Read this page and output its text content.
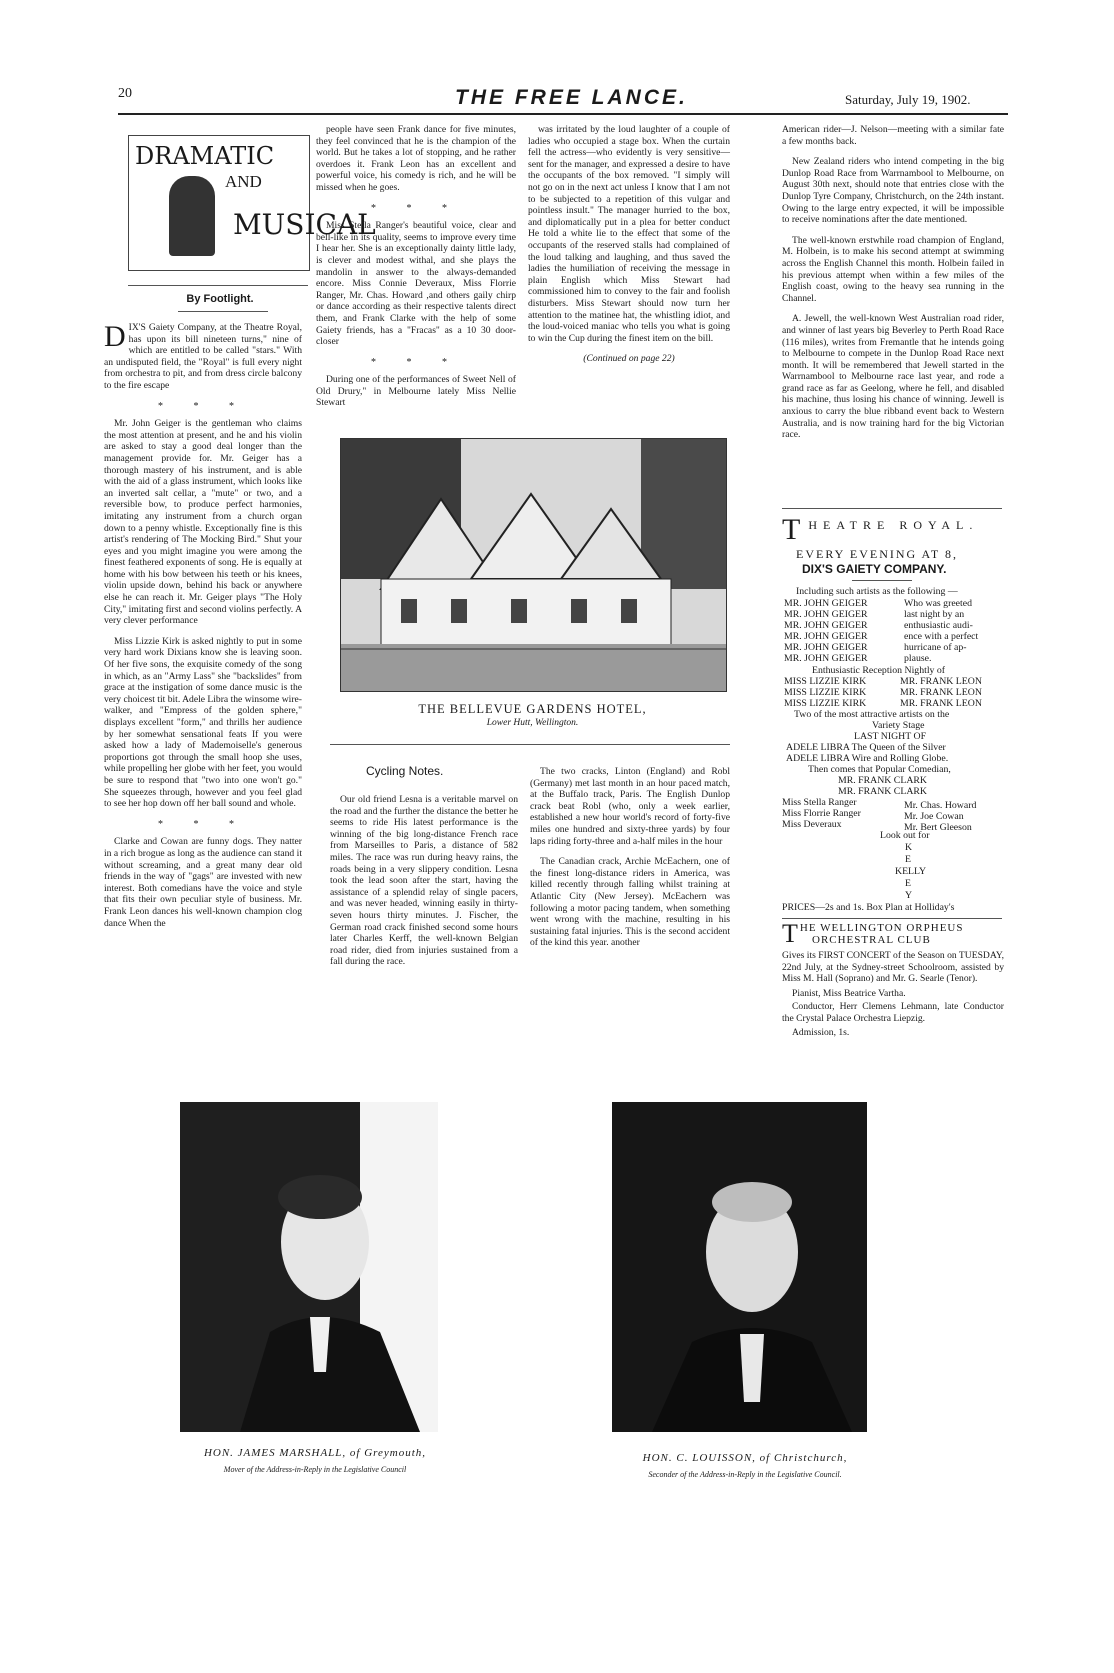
20	THE FREE LANCE.	Saturday, July 19, 1902.
DRAMATIC
AND
MUSICAL
By Footlight.

DIX'S Gaiety Company, at the Theatre Royal, has upon its bill nineteen turns," nine of which are entitled to be called "stars." With an undisputed field, the "Royal" is full every night from orchestra to pit, and from dress circle balcony to the fire escape

* * *

Mr. John Geiger is the gentleman who claims the most attention at present, and he and his violin are asked to stay a good deal longer than the management provide for. Mr. Geiger has a thorough mastery of his instrument, and is able with the aid of a glass instrument, which looks like an inverted salt cellar, a "mute" or two, and a reversible bow, to produce perfect harmonies, imitating any instrument from a church organ down to a penny whistle. Exceptionally fine is this artist's rendering of The Mocking Bird." Shut your eyes and you might imagine you were among the finest feathered exponents of song. He is equally at home with his bow between his teeth or his knees, violin upside down, behind his back or anywhere else he can reach it. Mr. Geiger plays "The Holy City," imitating first and second violins perfectly. A very clever performance

Miss Lizzie Kirk is asked nightly to put in some very hard work Dixians know she is leaving soon. Of her five sons, the exquisite comedy of the song in which, as an "Army Lass" she "backslides" from grace at the instigation of some dance music is the very choicest tit bit. Adele Libra the winsome wire-walker, and "Empress of the golden sphere," displays excellent "form," and thrills her audience by her somewhat sensational feats If you were asked how a lady of Mademoiselle's generous proportions got through the small hoop she uses, while propelling her globe with her feet, you would be sure to respond that "two into one won't go." She squeezes through, however and you feel glad to see her hop down off her ball sound and whole.

* * *

Clarke and Cowan are funny dogs. They natter in a rich brogue as long as the audience can stand it without screaming, and a great many dear old friends in the way of "gags" are invested with new interest. Both comedians have the voice and style that fits their own peculiar style of business. Mr. Frank Leon dances his well-known champion clog dance When the

people have seen Frank dance for five minutes, they feel convinced that he is the champion of the world. But he takes a lot of stopping, and he rather overdoes it. Frank Leon has an excellent and powerful voice, his comedy is rich, and he will be missed when he goes.

* * *

Miss Stella Ranger's beautiful voice, clear and bell-like in its quality, seems to improve every time I hear her. She is an exceptionally dainty little lady, is clever and modest withal, and she plays the mandolin in answer to the always-demanded encore. Miss Connie Deveraux, Miss Florrie Ranger, Mr. Chas. Howard ,and others gaily chirp or dance according as their respective talents direct them, and Frank Clarke with the help of some Gaiety friends, has a "Fracas" as a 10 30 door-closer

* * *

During one of the performances of Sweet Nell of Old Drury," in Melbourne lately Miss Nellie Stewart

was irritated by the loud laughter of a couple of ladies who occupied a stage box. When the curtain fell the actress—who evidently is very sensitive—sent for the manager, and expressed a desire to have the occupants of the box removed. "I simply will not go on in the next act unless I know that I am not to be subjected to a repetition of this vulgar and pointless insult." The manager hurried to the box, and diplomatically put in a plea for better conduct He told a white lie to the effect that some of the occupants of the reserved stalls had complained of the loud talking and laughing, and thus saved the ladies the humiliation of receiving the message in plain English which Miss Stewart had commissioned him to convey to the fair and foolish disturbers. Miss Stewart should now turn her attention to the matinee hat, the whistling idiot, and the loud-voiced maniac who tells you what is going to win the Cup during the finest item on the bill.

(Continued on page 22)

THE BELLEVUE GARDENS HOTEL,
Lower Hutt, Wellington.
Cycling Notes.

Our old friend Lesna is a veritable marvel on the road and the further the distance the better he seems to ride His latest performance is the winning of the big long-distance French race from Marseilles to Paris, a distance of 582 miles. The race was run during heavy rains, the roads being in a very slippery condition. Lesna took the lead soon after the start, having the assistance of a splendid relay of single pacers, and was never headed, winning easily in thirty-seven hours thirty minutes. J. Fischer, the German road crack finished second some hours later Charles Kerff, the well-known Belgian road rider, died from injuries sustained from a fall during the race.

The two cracks, Linton (England) and Robl (Germany) met last month in an hour paced match, at the Buffalo track, Paris. The English Dunlop crack beat Robl (who, only a week earlier, established a new hour world's record of forty-five miles one hundred and sixty-three yards) by four laps riding forty-three and a-half miles in the hour

The Canadian crack, Archie McEachern, one of the finest long-distance riders in America, was killed recently through falling whilst training at Atlantic City (New Jersey). McEachern was following a motor pacing tandem, when something went wrong with the machine, resulting in his sustaining fatal injuries. This is the second accident of the kind this year. another

American rider—J. Nelson—meeting with a similar fate a few months back.

New Zealand riders who intend competing in the big Dunlop Road Race from Warrnambool to Melbourne, on August 30th next, should note that entries close with the Dunlop Tyre Company, Christchurch, on the 24th instant. Owing to the large entry expected, it will be impossible to receive nominations after the date mentioned.

The well-known erstwhile road champion of England, M. Holbein, is to make his second attempt at swimming across the English Channel this month. Holbein failed in his previous attempt when within a few miles of the English coast, owing to the heavy sea running in the Channel.

A. Jewell, the well-known West Australian road rider, and winner of last years big Beverley to Perth Road Race (116 miles), writes from Fremantle that he intends going to Melbourne to compete in the Dunlop Road Race next month. It will be remembered that Jewell started in the Warrnambool to Melbourne race last year, and rode a grand race as far as Geelong, where he fell, and disabled his machine, thus losing his chance of winning. Jewell is anxious to carry the blue ribband event back to Western Australia, and is now training hard for the big Victorian race.

THEATRE ROYAL.
EVERY EVENING AT 8,
DIX'S GAIETY COMPANY.
Including such artists as the following —
MR. JOHN GEIGER
MR. JOHN GEIGER
MR. JOHN GEIGER
MR. JOHN GEIGER
MR. JOHN GEIGER
MR. JOHN GEIGER
Who was greeted
last night by an
enthusiastic audi-
ence with a perfect
hurricane of ap-
plause.
Enthusiastic Reception Nightly of
MISS LIZZIE KIRK
MISS LIZZIE KIRK
MISS LIZZIE KIRK
MR. FRANK LEON
MR. FRANK LEON
MR. FRANK LEON
Two of the most attractive artists on the
Variety Stage
LAST NIGHT OF
ADELE LIBRA The Queen of the Silver
ADELE LIBRA Wire and Rolling Globe.
Then comes that Popular Comedian,
MR. FRANK CLARK
MR. FRANK CLARK
Miss Stella Ranger
Miss Florrie Ranger
Miss Deveraux
Mr. Chas. Howard
Mr. Joe Cowan
Mr. Bert Gleeson
Look out for
K
E
KELLY
E
Y
PRICES—2s and 1s. Box Plan at Holliday's
T HE WELLINGTON ORPHEUS
ORCHESTRAL CLUB

Gives its FIRST CONCERT of the Season on TUESDAY, 22nd July, at the Sydney-street Schoolroom, assisted by Miss M. Hall (Soprano) and Mr. G. Searle (Tenor).

Pianist, Miss Beatrice Vartha.

Conductor, Herr Clemens Lehmann, late Conductor the Crystal Palace Orchestra Liepzig.

Admission, 1s.

HON. JAMES MARSHALL, of Greymouth,
Mover of the Address-in-Reply in the Legislative Council
HON. C. LOUISSON, of Christchurch,
Seconder of the Address-in-Reply in the Legislative Council.
